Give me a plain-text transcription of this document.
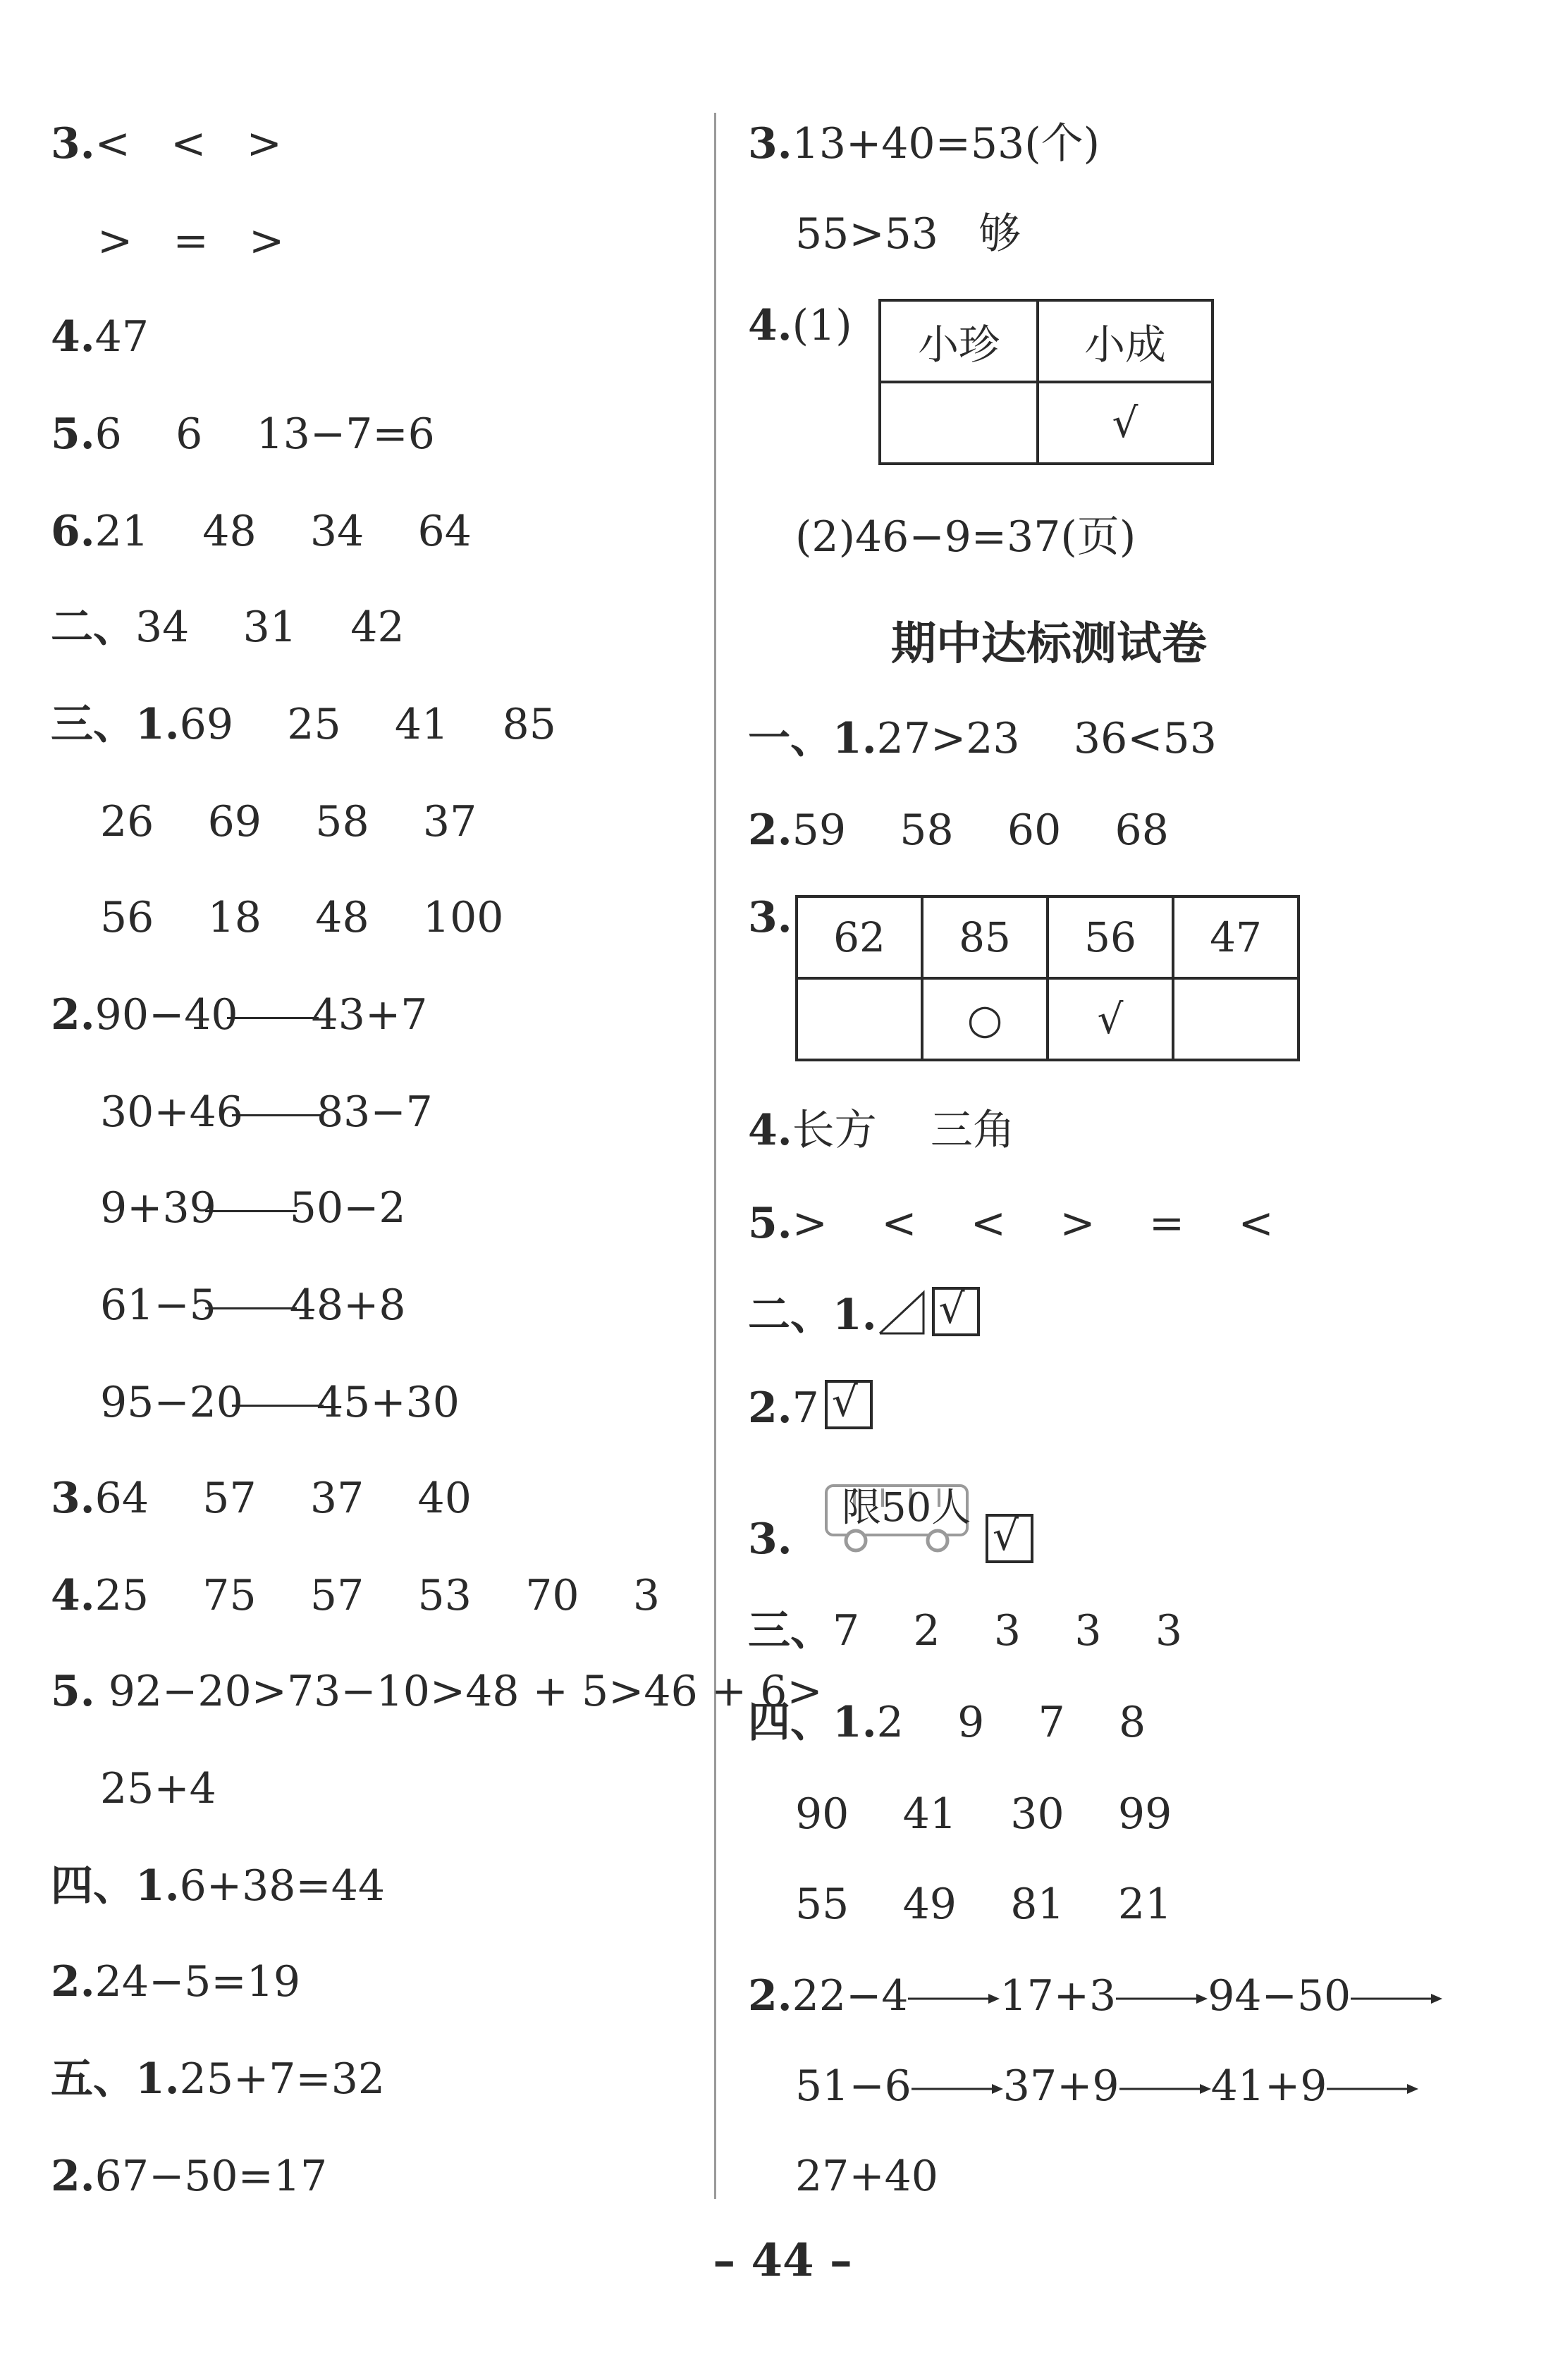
3.<   <   >
>   =   >
4.47
5.6    6    13−7=6
6.21    48    34    64
二、34    31    42
三、1.69    25    41    85
26    69    58    37
56    18    48    100
2.90−40 43+7
30+46 83−7
9+39 50−2
61−5 48+8
95−20 45+30
3.64    57    37    40
4.25    75    57    53    70    3
5. 92−20>73−10>48 + 5>46 + 6>
25+4
四、1.6+38=44
2.24−5=19
五、1.25+7=32
2.67−50=17
3.13+40=53(个)
55>53   够
4.(1) 小珍	小成
	√
(2)46−9=37(页)
期中达标测试卷
一、1.27>23    36<53
2.59    58    60    68
3. 62	85	56	47
	○	√	
4.长方    三角
5.>    <    <    >    =    <
二、1. √
2.7 √
3.
限50人
√
三、7    2    3    3    3
四、1.2    9    7    8
90    41    30    99
55    49    81    21
2.22−4 17+3 94−50
51−6 37+9 41+9
27+40
– 44 –
